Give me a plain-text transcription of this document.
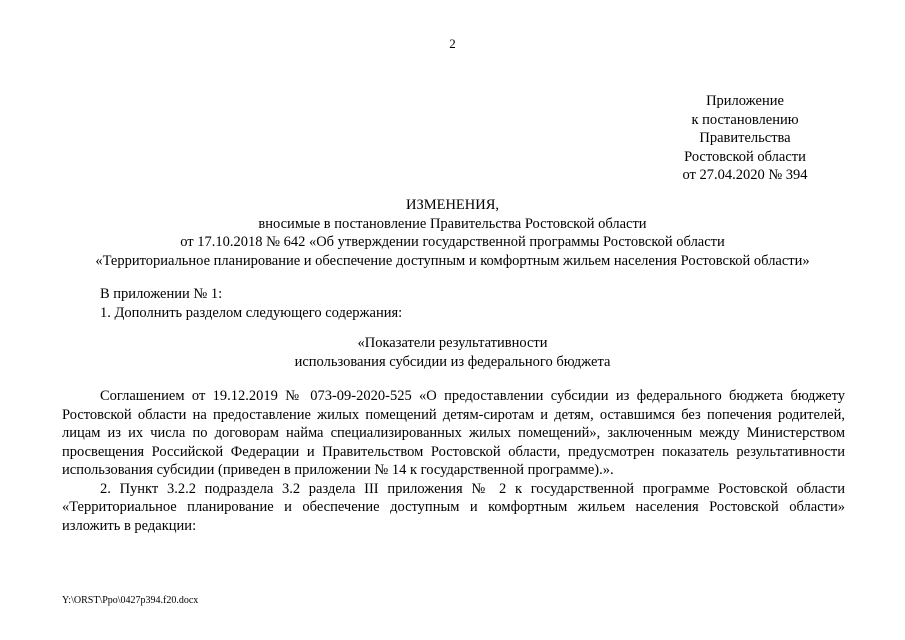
2
Приложение
к постановлению
Правительства
Ростовской области
от 27.04.2020 № 394
ИЗМЕНЕНИЯ,
вносимые в постановление Правительства Ростовской области
от 17.10.2018 № 642 «Об утверждении государственной программы Ростовской области
«Территориальное планирование и обеспечение доступным и комфортным жильем населения Ростовской области»
В приложении № 1:
1. Дополнить разделом следующего содержания:
«Показатели результативности
использования субсидии из федерального бюджета
Соглашением от 19.12.2019 № 073-09-2020-525 «О предоставлении субсидии из федерального бюджета бюджету
Ростовской области на предоставление жилых помещений детям-сиротам и детям, оставшимся без попечения родителей,
лицам из их числа по договорам найма специализированных жилых помещений», заключенным между Министерством
просвещения Российской Федерации и Правительством Ростовской области, предусмотрен показатель результативности
использования субсидии (приведен в приложении № 14 к государственной программе).».
2. Пункт 3.2.2 подраздела 3.2 раздела III приложения № 2 к государственной программе Ростовской области
«Территориальное планирование и обеспечение доступным и комфортным жильем населения Ростовской области»
изложить в редакции:
Y:\ORST\Ppo\0427p394.f20.docx
